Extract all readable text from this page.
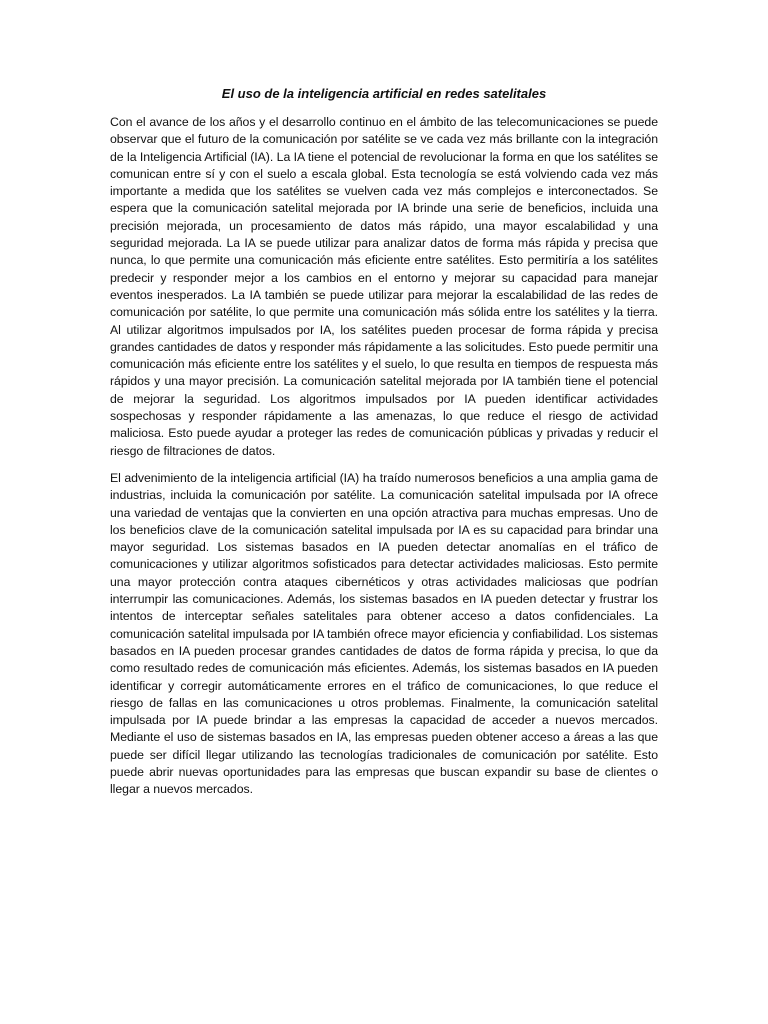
El uso de la inteligencia artificial en redes satelitales

Con el avance de los años y el desarrollo continuo en el ámbito de las telecomunicaciones se puede observar que el futuro de la comunicación por satélite se ve cada vez más brillante con la integración de la Inteligencia Artificial (IA). La IA tiene el potencial de revolucionar la forma en que los satélites se comunican entre sí y con el suelo a escala global. Esta tecnología se está volviendo cada vez más importante a medida que los satélites se vuelven cada vez más complejos e interconectados. Se espera que la comunicación satelital mejorada por IA brinde una serie de beneficios, incluida una precisión mejorada, un procesamiento de datos más rápido, una mayor escalabilidad y una seguridad mejorada. La IA se puede utilizar para analizar datos de forma más rápida y precisa que nunca, lo que permite una comunicación más eficiente entre satélites. Esto permitiría a los satélites predecir y responder mejor a los cambios en el entorno y mejorar su capacidad para manejar eventos inesperados. La IA también se puede utilizar para mejorar la escalabilidad de las redes de comunicación por satélite, lo que permite una comunicación más sólida entre los satélites y la tierra. Al utilizar algoritmos impulsados por IA, los satélites pueden procesar de forma rápida y precisa grandes cantidades de datos y responder más rápidamente a las solicitudes. Esto puede permitir una comunicación más eficiente entre los satélites y el suelo, lo que resulta en tiempos de respuesta más rápidos y una mayor precisión. La comunicación satelital mejorada por IA también tiene el potencial de mejorar la seguridad. Los algoritmos impulsados por IA pueden identificar actividades sospechosas y responder rápidamente a las amenazas, lo que reduce el riesgo de actividad maliciosa. Esto puede ayudar a proteger las redes de comunicación públicas y privadas y reducir el riesgo de filtraciones de datos.

El advenimiento de la inteligencia artificial (IA) ha traído numerosos beneficios a una amplia gama de industrias, incluida la comunicación por satélite. La comunicación satelital impulsada por IA ofrece una variedad de ventajas que la convierten en una opción atractiva para muchas empresas. Uno de los beneficios clave de la comunicación satelital impulsada por IA es su capacidad para brindar una mayor seguridad. Los sistemas basados en IA pueden detectar anomalías en el tráfico de comunicaciones y utilizar algoritmos sofisticados para detectar actividades maliciosas. Esto permite una mayor protección contra ataques cibernéticos y otras actividades maliciosas que podrían interrumpir las comunicaciones. Además, los sistemas basados en IA pueden detectar y frustrar los intentos de interceptar señales satelitales para obtener acceso a datos confidenciales. La comunicación satelital impulsada por IA también ofrece mayor eficiencia y confiabilidad. Los sistemas basados en IA pueden procesar grandes cantidades de datos de forma rápida y precisa, lo que da como resultado redes de comunicación más eficientes. Además, los sistemas basados en IA pueden identificar y corregir automáticamente errores en el tráfico de comunicaciones, lo que reduce el riesgo de fallas en las comunicaciones u otros problemas. Finalmente, la comunicación satelital impulsada por IA puede brindar a las empresas la capacidad de acceder a nuevos mercados. Mediante el uso de sistemas basados en IA, las empresas pueden obtener acceso a áreas a las que puede ser difícil llegar utilizando las tecnologías tradicionales de comunicación por satélite. Esto puede abrir nuevas oportunidades para las empresas que buscan expandir su base de clientes o llegar a nuevos mercados.
